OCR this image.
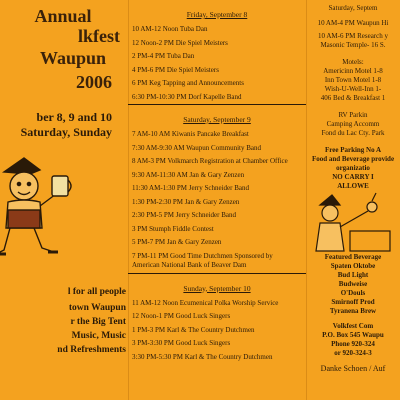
Annual
lkfest
Waupun
2006
ber 8, 9 and 10
Saturday, Sunday
l for all people
town Waupun
r the Big Tent
Music, Music
nd Refreshments
Friday, September 8

10 AM-12 Noon Tuba Dan

12 Noon-2 PM Die Spiel Meisters

2 PM-4 PM Tuba Dan

4 PM-6 PM Die Spiel Meisters

6 PM Keg Tapping and Announcements

6:30 PM-10:30 PM Dorf Kapelle Band

Saturday, September 9

7 AM-10 AM Kiwanis Pancake Breakfast

7:30 AM-9:30 AM Waupun Community Band

8 AM-3 PM Volkmarch Registration at Chamber Office

9:30 AM-11:30 AM Jan & Gary Zenzen

11:30 AM-1:30 PM Jerry Schneider Band

1:30 PM-2:30 PM Jan & Gary Zenzen

2:30 PM-5 PM Jerry Schneider Band

3 PM Stumph Fiddle Contest

5 PM-7 PM Jan & Gary Zenzen

7 PM-11 PM Good Time Dutchmen Sponsored by American National Bank of Beaver Dam

Sunday, September 10

11 AM-12 Noon Ecumenical Polka Worship Service

12 Noon-1 PM Good Luck Singers

1 PM-3 PM Karl & The Country Dutchmen

3 PM-3:30 PM Good Luck Singers

3:30 PM-5:30 PM Karl & The Country Dutchmen

Saturday, Septem
10 AM-4 PM Waupun Hi
10 AM-6 PM Research y
Masonic Temple- 16 S.
Motels:
Americinn Motel 1-8
Inn Town Motel 1-8
Wish-U-Well-Inn 1-
406 Bed & Breakfast 1
RV Parkin
Camping Accomm
Fond du Lac Cty. Park
Free Parking No A
Food and Beverage provide
organizatio
NO CARRY I
ALLOWE
Featured Beverage
Spaten Oktobe
Bud Light
Budweise
O'Douls
Smirnoff Prod
Tyranena Brew
Volkfest Com
P.O. Box 545 Waupu
Phone 920-324
or 920-324-3
Danke Schoen / Auf
